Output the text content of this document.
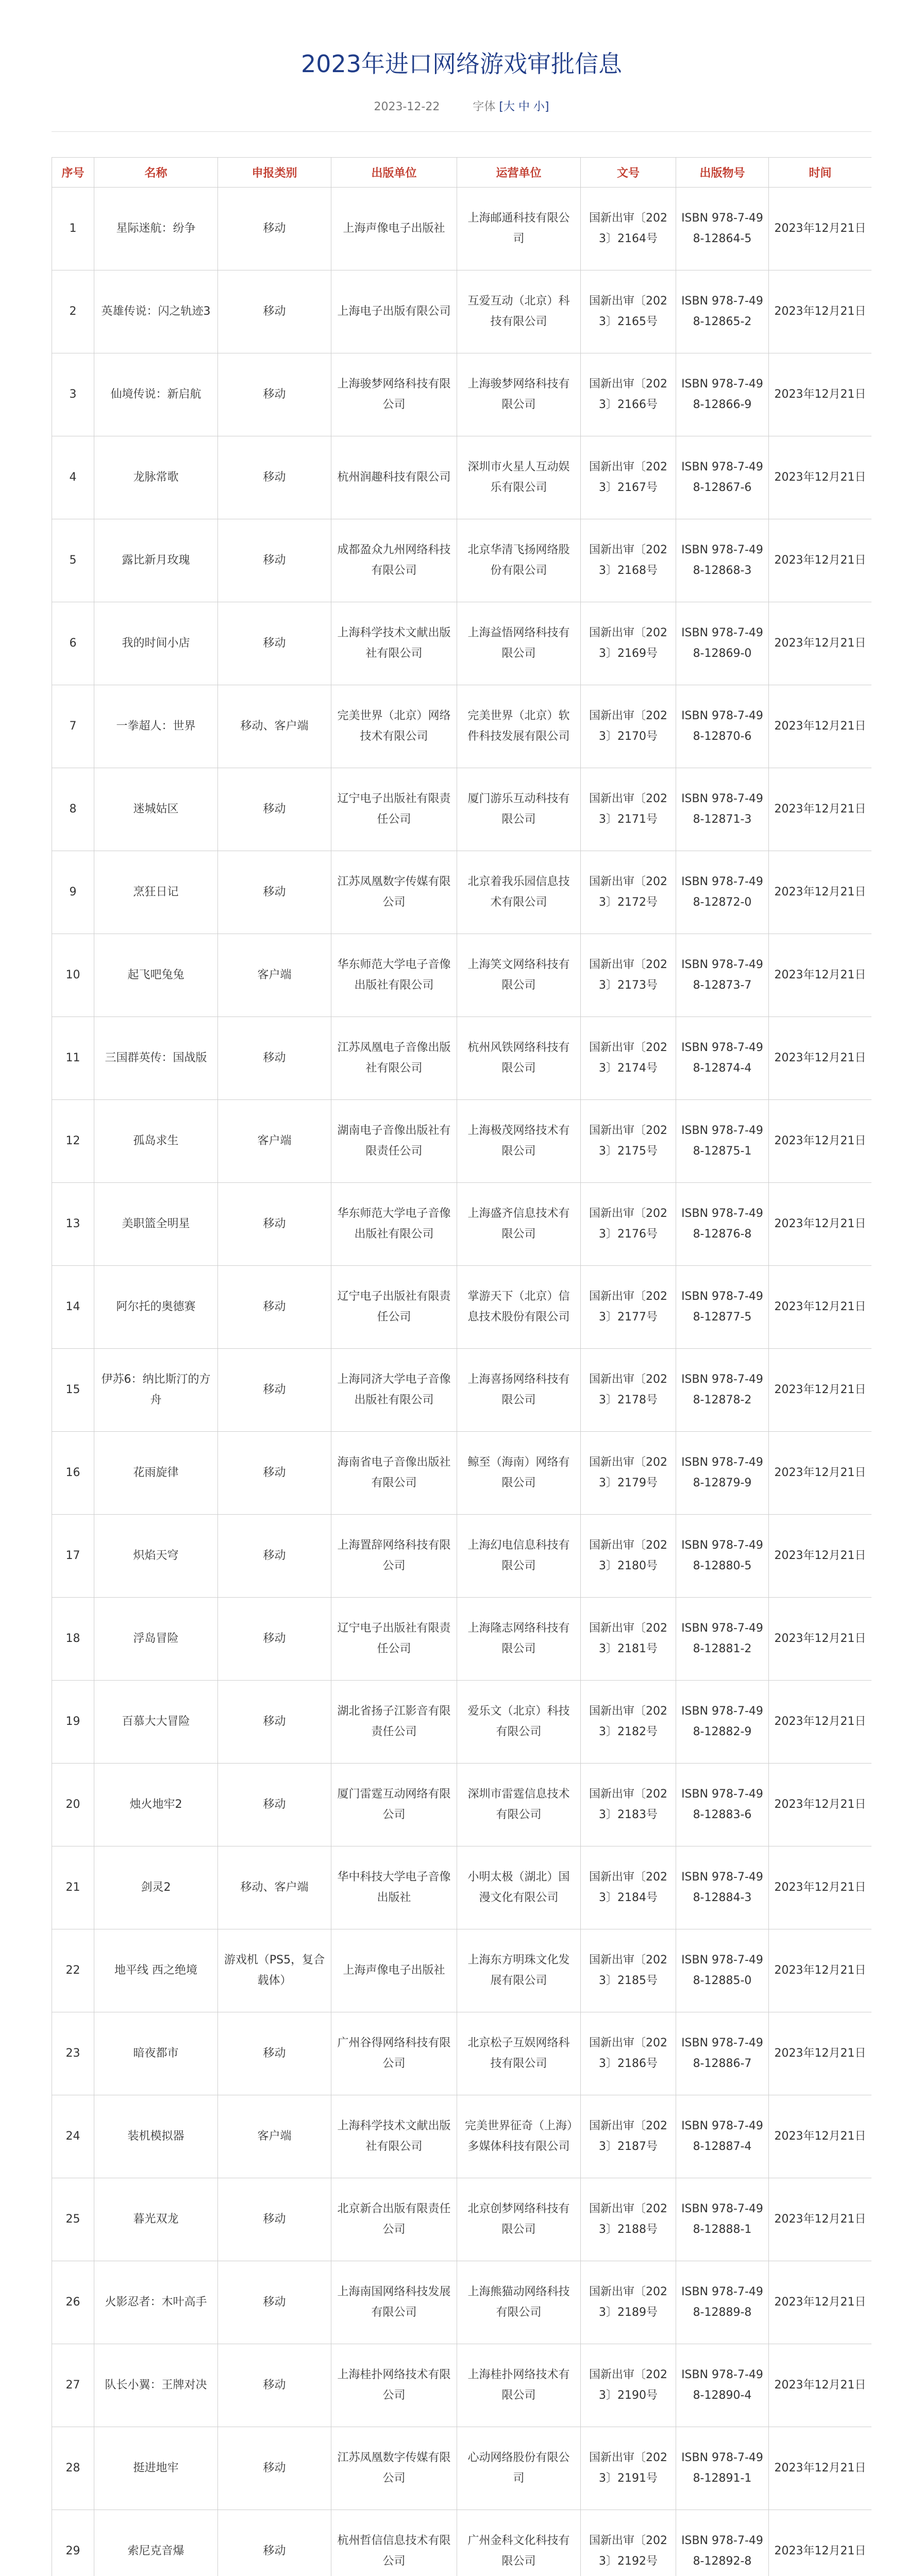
2023年进口网络游戏审批信息
2023-12-22	字体 [大 中 小]
序号	名称	申报类别	出版单位	运营单位	文号	出版物号	时间
1	星际迷航：纷争	移动	上海声像电子出版社	上海邮通科技有限公司	国新出审〔2023〕2164号	ISBN 978-7-498-12864-5	2023年12月21日
2	英雄传说：闪之轨迹3	移动	上海电子出版有限公司	互爱互动（北京）科技有限公司	国新出审〔2023〕2165号	ISBN 978-7-498-12865-2	2023年12月21日
3	仙境传说：新启航	移动	上海骏梦网络科技有限公司	上海骏梦网络科技有限公司	国新出审〔2023〕2166号	ISBN 978-7-498-12866-9	2023年12月21日
4	龙脉常歌	移动	杭州润趣科技有限公司	深圳市火星人互动娱乐有限公司	国新出审〔2023〕2167号	ISBN 978-7-498-12867-6	2023年12月21日
5	露比新月玫瑰	移动	成都盈众九州网络科技有限公司	北京华清飞扬网络股份有限公司	国新出审〔2023〕2168号	ISBN 978-7-498-12868-3	2023年12月21日
6	我的时间小店	移动	上海科学技术文献出版社有限公司	上海益悟网络科技有限公司	国新出审〔2023〕2169号	ISBN 978-7-498-12869-0	2023年12月21日
7	一拳超人：世界	移动、客户端	完美世界（北京）网络技术有限公司	完美世界（北京）软件科技发展有限公司	国新出审〔2023〕2170号	ISBN 978-7-498-12870-6	2023年12月21日
8	迷城姑区	移动	辽宁电子出版社有限责任公司	厦门游乐互动科技有限公司	国新出审〔2023〕2171号	ISBN 978-7-498-12871-3	2023年12月21日
9	烹狂日记	移动	江苏凤凰数字传媒有限公司	北京着我乐园信息技术有限公司	国新出审〔2023〕2172号	ISBN 978-7-498-12872-0	2023年12月21日
10	起飞吧兔兔	客户端	华东师范大学电子音像出版社有限公司	上海笑文网络科技有限公司	国新出审〔2023〕2173号	ISBN 978-7-498-12873-7	2023年12月21日
11	三国群英传：国战版	移动	江苏凤凰电子音像出版社有限公司	杭州风铁网络科技有限公司	国新出审〔2023〕2174号	ISBN 978-7-498-12874-4	2023年12月21日
12	孤岛求生	客户端	湖南电子音像出版社有限责任公司	上海极茂网络技术有限公司	国新出审〔2023〕2175号	ISBN 978-7-498-12875-1	2023年12月21日
13	美职篮全明星	移动	华东师范大学电子音像出版社有限公司	上海盛齐信息技术有限公司	国新出审〔2023〕2176号	ISBN 978-7-498-12876-8	2023年12月21日
14	阿尔托的奥德赛	移动	辽宁电子出版社有限责任公司	掌游天下（北京）信息技术股份有限公司	国新出审〔2023〕2177号	ISBN 978-7-498-12877-5	2023年12月21日
15	伊苏6：纳比斯汀的方舟	移动	上海同济大学电子音像出版社有限公司	上海喜扬网络科技有限公司	国新出审〔2023〕2178号	ISBN 978-7-498-12878-2	2023年12月21日
16	花雨旋律	移动	海南省电子音像出版社有限公司	鲸至（海南）网络有限公司	国新出审〔2023〕2179号	ISBN 978-7-498-12879-9	2023年12月21日
17	炽焰天穹	移动	上海置辞网络科技有限公司	上海幻电信息科技有限公司	国新出审〔2023〕2180号	ISBN 978-7-498-12880-5	2023年12月21日
18	浮岛冒险	移动	辽宁电子出版社有限责任公司	上海隆志网络科技有限公司	国新出审〔2023〕2181号	ISBN 978-7-498-12881-2	2023年12月21日
19	百慕大大冒险	移动	湖北省扬子江影音有限责任公司	爱乐文（北京）科技有限公司	国新出审〔2023〕2182号	ISBN 978-7-498-12882-9	2023年12月21日
20	烛火地牢2	移动	厦门雷霆互动网络有限公司	深圳市雷霆信息技术有限公司	国新出审〔2023〕2183号	ISBN 978-7-498-12883-6	2023年12月21日
21	剑灵2	移动、客户端	华中科技大学电子音像出版社	小明太极（湖北）国漫文化有限公司	国新出审〔2023〕2184号	ISBN 978-7-498-12884-3	2023年12月21日
22	地平线 西之绝境	游戏机（PS5，复合载体）	上海声像电子出版社	上海东方明珠文化发展有限公司	国新出审〔2023〕2185号	ISBN 978-7-498-12885-0	2023年12月21日
23	暗夜都市	移动	广州谷得网络科技有限公司	北京松子互娱网络科技有限公司	国新出审〔2023〕2186号	ISBN 978-7-498-12886-7	2023年12月21日
24	装机模拟器	客户端	上海科学技术文献出版社有限公司	完美世界征奇（上海）多媒体科技有限公司	国新出审〔2023〕2187号	ISBN 978-7-498-12887-4	2023年12月21日
25	暮光双龙	移动	北京新合出版有限责任公司	北京创梦网络科技有限公司	国新出审〔2023〕2188号	ISBN 978-7-498-12888-1	2023年12月21日
26	火影忍者：木叶高手	移动	上海南国网络科技发展有限公司	上海熊猫动网络科技有限公司	国新出审〔2023〕2189号	ISBN 978-7-498-12889-8	2023年12月21日
27	队长小翼：王牌对决	移动	上海桂扑网络技术有限公司	上海桂扑网络技术有限公司	国新出审〔2023〕2190号	ISBN 978-7-498-12890-4	2023年12月21日
28	挺进地牢	移动	江苏凤凰数字传媒有限公司	心动网络股份有限公司	国新出审〔2023〕2191号	ISBN 978-7-498-12891-1	2023年12月21日
29	索尼克音爆	移动	杭州哲信信息技术有限公司	广州金科文化科技有限公司	国新出审〔2023〕2192号	ISBN 978-7-498-12892-8	2023年12月21日
